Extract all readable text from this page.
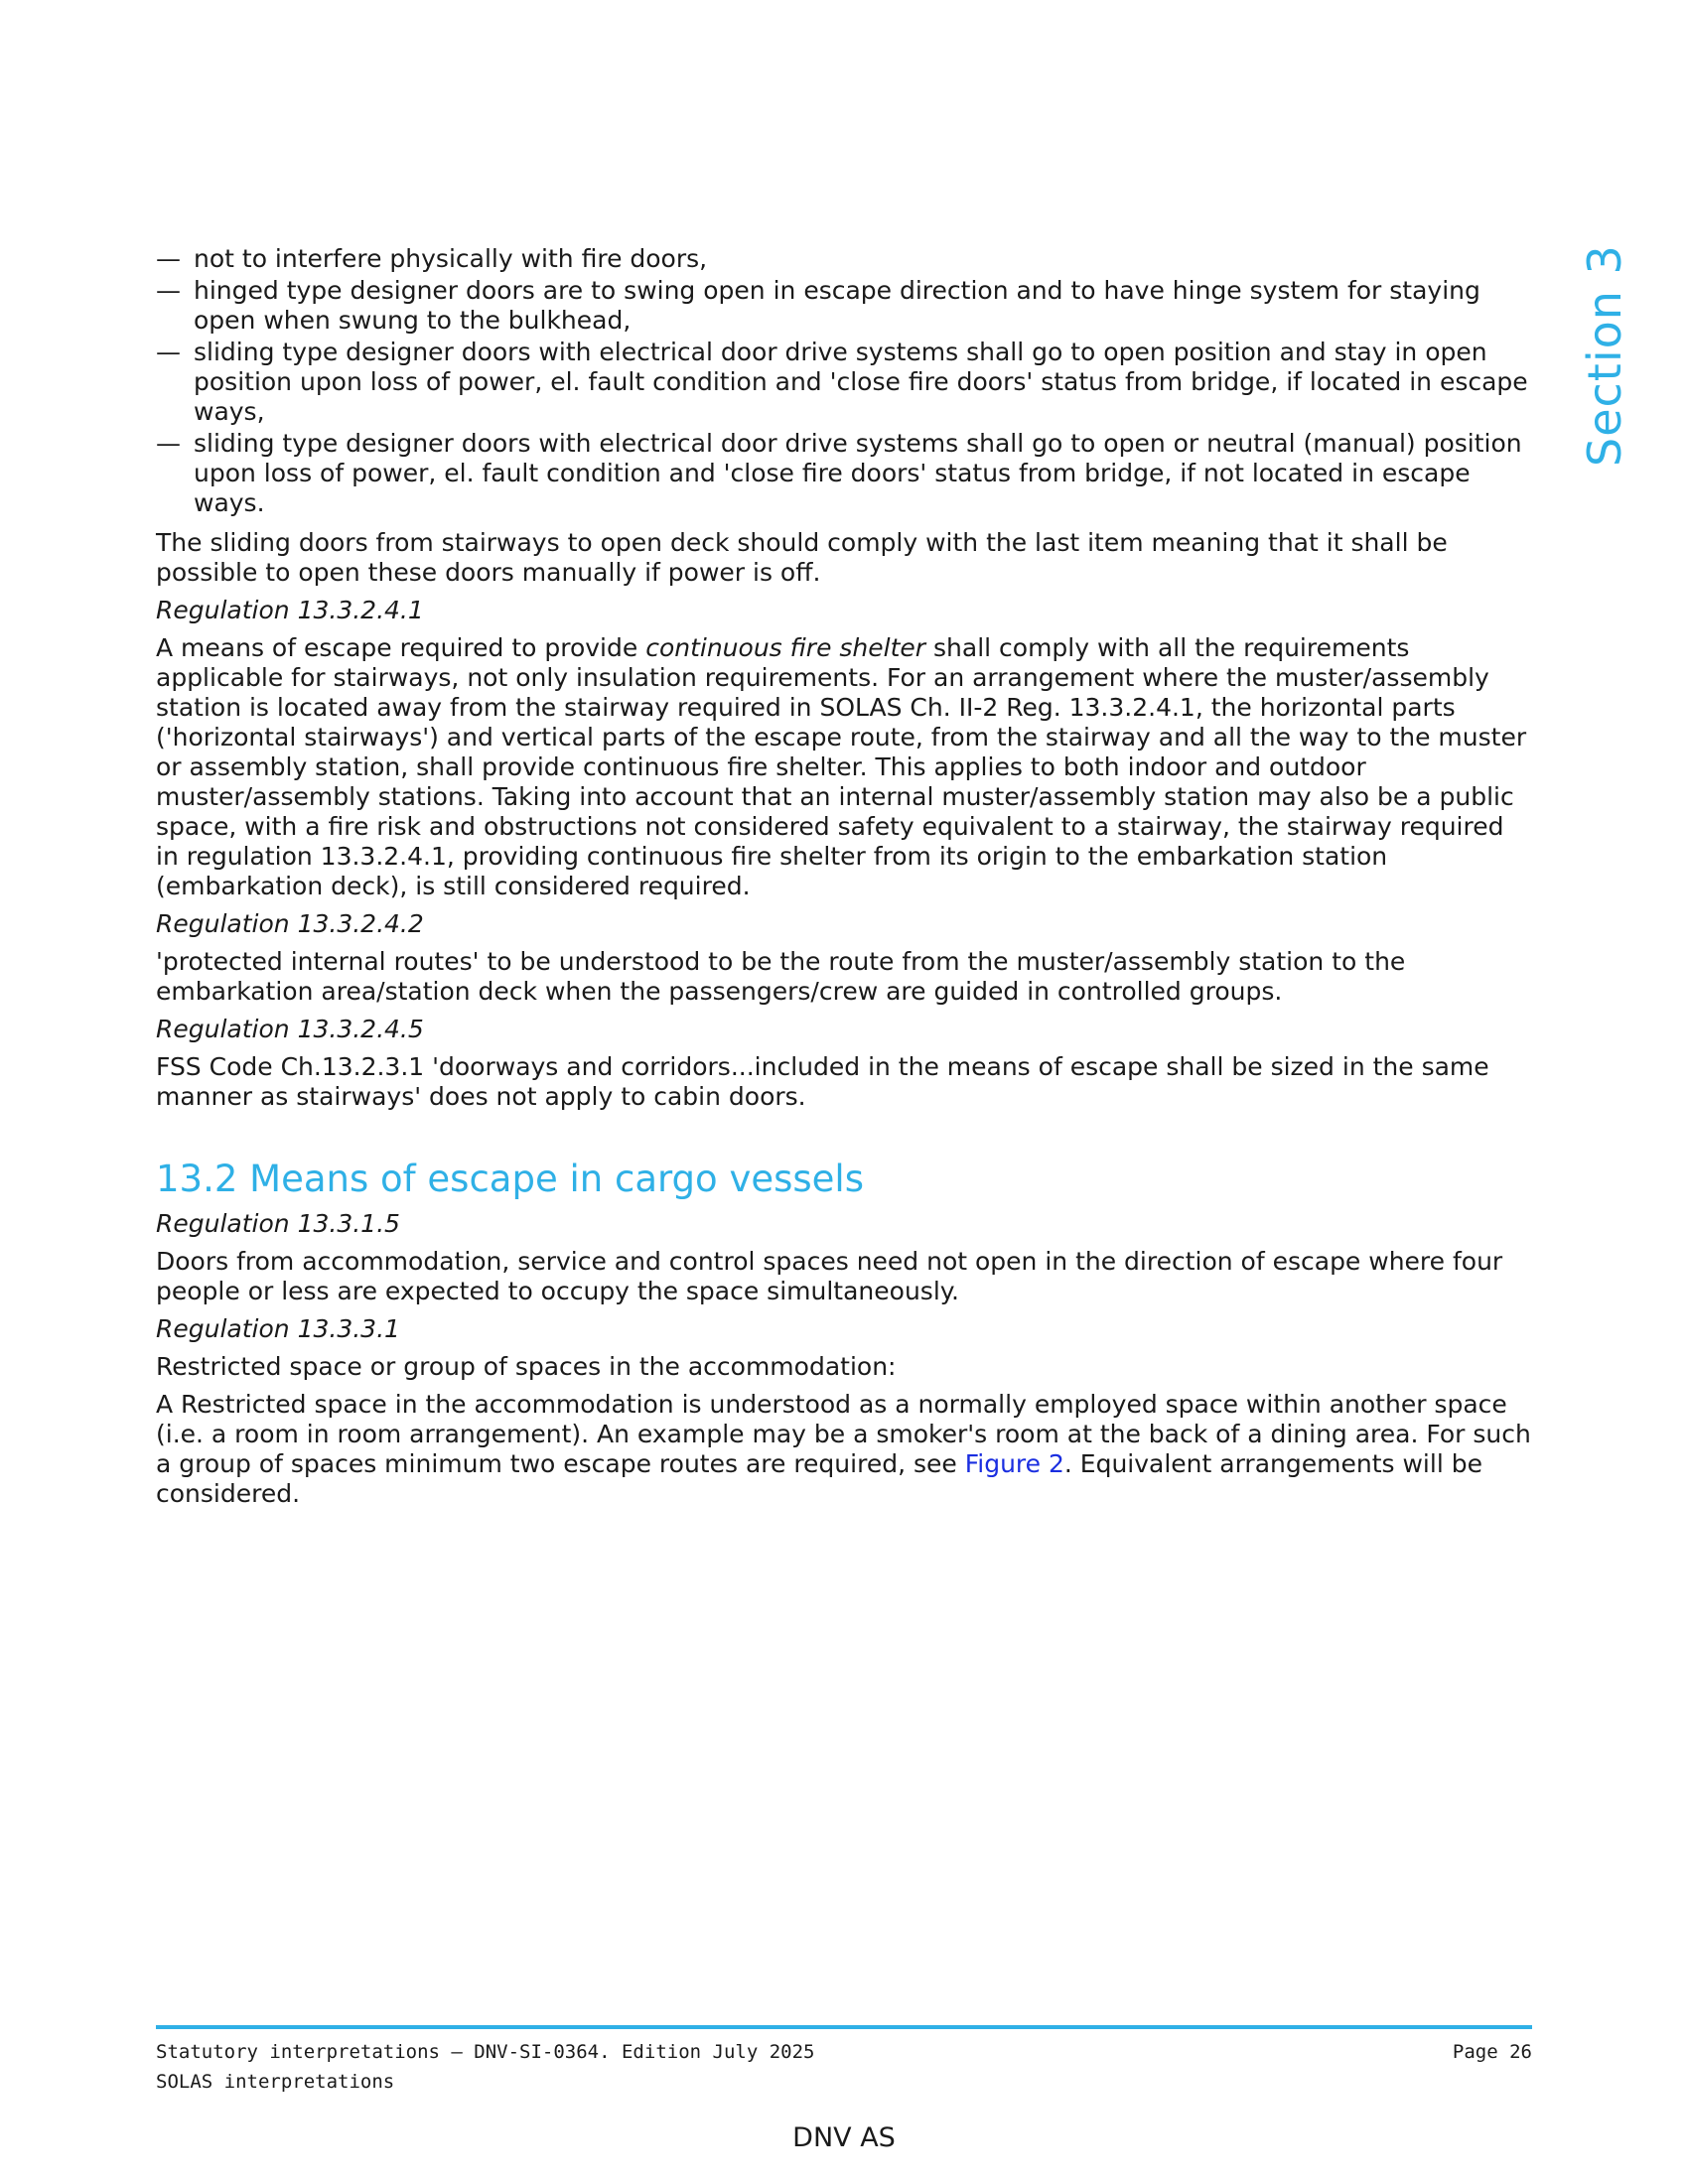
Section 3
— not to interfere physically with fire doors,
— hinged type designer doors are to swing open in escape direction and to have hinge system for staying open when swung to the bulkhead,
— sliding type designer doors with electrical door drive systems shall go to open position and stay in open position upon loss of power, el. fault condition and 'close fire doors' status from bridge, if located in escape ways,
— sliding type designer doors with electrical door drive systems shall go to open or neutral (manual) position upon loss of power, el. fault condition and 'close fire doors' status from bridge, if not located in escape ways.

The sliding doors from stairways to open deck should comply with the last item meaning that it shall be possible to open these doors manually if power is off.

Regulation 13.3.2.4.1

A means of escape required to provide continuous fire shelter shall comply with all the requirements applicable for stairways, not only insulation requirements. For an arrangement where the muster/assembly station is located away from the stairway required in SOLAS Ch. II-2 Reg. 13.3.2.4.1, the horizontal parts ('horizontal stairways') and vertical parts of the escape route, from the stairway and all the way to the muster or assembly station, shall provide continuous fire shelter. This applies to both indoor and outdoor muster/assembly stations. Taking into account that an internal muster/assembly station may also be a public space, with a fire risk and obstructions not considered safety equivalent to a stairway, the stairway required in regulation 13.3.2.4.1, providing continuous fire shelter from its origin to the embarkation station (embarkation deck), is still considered required.

Regulation 13.3.2.4.2

'protected internal routes' to be understood to be the route from the muster/assembly station to the embarkation area/station deck when the passengers/crew are guided in controlled groups.

Regulation 13.3.2.4.5

FSS Code Ch.13.2.3.1 'doorways and corridors...included in the means of escape shall be sized in the same manner as stairways' does not apply to cabin doors.

13.2 Means of escape in cargo vessels

Regulation 13.3.1.5

Doors from accommodation, service and control spaces need not open in the direction of escape where four people or less are expected to occupy the space simultaneously.

Regulation 13.3.3.1

Restricted space or group of spaces in the accommodation:

A Restricted space in the accommodation is understood as a normally employed space within another space (i.e. a room in room arrangement). An example may be a smoker's room at the back of a dining area. For such a group of spaces minimum two escape routes are required, see Figure 2. Equivalent arrangements will be considered.

Statutory interpretations — DNV-SI-0364. Edition July 2025
SOLAS interpretations
Page 26
DNV AS
